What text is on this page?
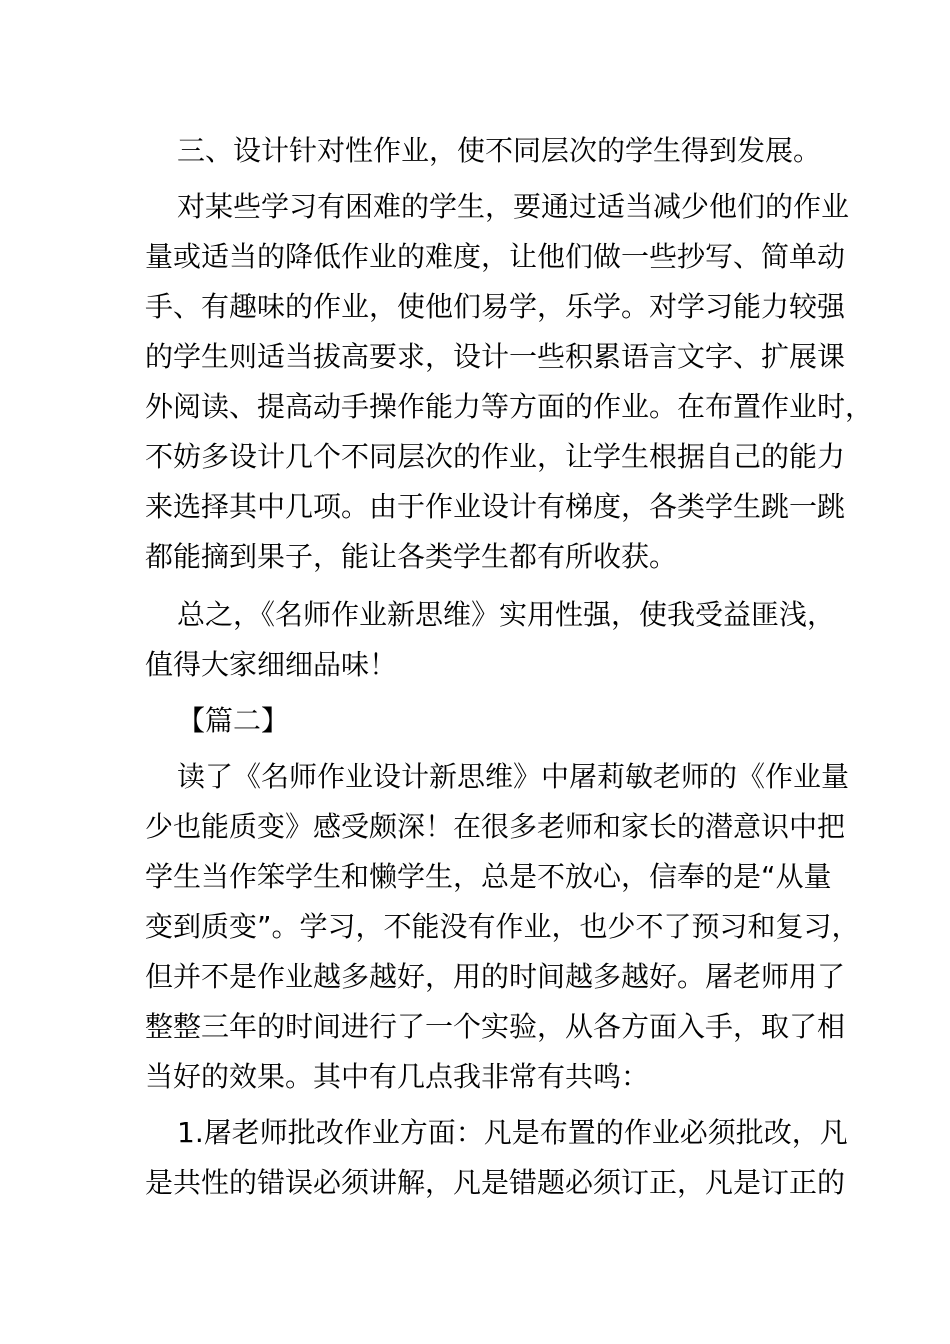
三、设计针对性作业，使不同层次的学生得到发展。
对某些学习有困难的学生，要通过适当减少他们的作业
量或适当的降低作业的难度，让他们做一些抄写、简单动
手、有趣味的作业，使他们易学，乐学。对学习能力较强
的学生则适当拔高要求，设计一些积累语言文字、扩展课
外阅读、提高动手操作能力等方面的作业。在布置作业时，
不妨多设计几个不同层次的作业，让学生根据自己的能力
来选择其中几项。由于作业设计有梯度，各类学生跳一跳
都能摘到果子，能让各类学生都有所收获。
总之，《名师作业新思维》实用性强，使我受益匪浅，
值得大家细细品味！
【篇二】
读了《名师作业设计新思维》中屠莉敏老师的《作业量
少也能质变》感受颇深！在很多老师和家长的潜意识中把
学生当作笨学生和懒学生，总是不放心，信奉的是“从量
变到质变”。学习，不能没有作业，也少不了预习和复习，
但并不是作业越多越好，用的时间越多越好。屠老师用了
整整三年的时间进行了一个实验，从各方面入手，取了相
当好的效果。其中有几点我非常有共鸣：
1.屠老师批改作业方面：凡是布置的作业必须批改，凡
是共性的错误必须讲解，凡是错题必须订正，凡是订正的
